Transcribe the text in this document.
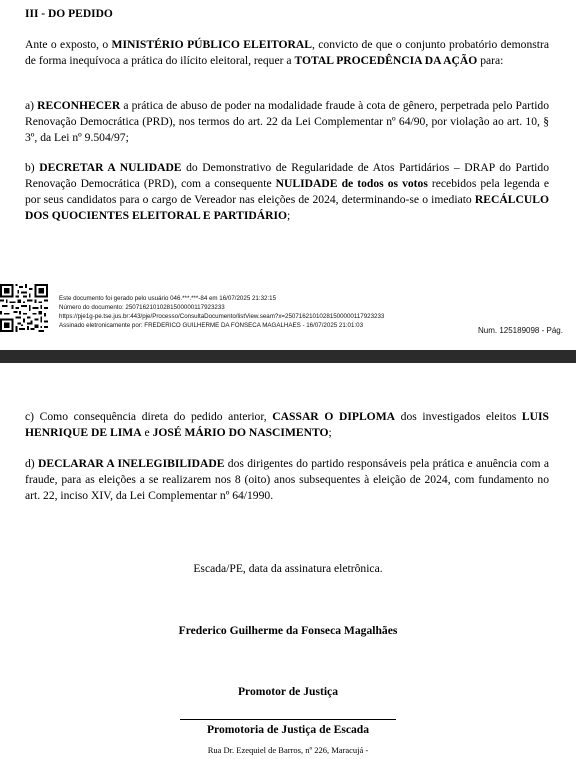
III - DO PEDIDO

Ante o exposto, o MINISTÉRIO PÚBLICO ELEITORAL, convicto de que o conjunto probatório demonstra de forma inequívoca a prática do ilícito eleitoral, requer a TOTAL PROCEDÊNCIA DA AÇÃO para:

a) RECONHECER a prática de abuso de poder na modalidade fraude à cota de gênero, perpetrada pelo Partido Renovação Democrática (PRD), nos termos do art. 22 da Lei Complementar nº 64/90, por violação ao art. 10, § 3º, da Lei nº 9.504/97;

b) DECRETAR A NULIDADE do Demonstrativo de Regularidade de Atos Partidários – DRAP do Partido Renovação Democrática (PRD), com a consequente NULIDADE de todos os votos recebidos pela legenda e por seus candidatos para o cargo de Vereador nas eleições de 2024, determinando-se o imediato RECÁLCULO DOS QUOCIENTES ELEITORAL E PARTIDÁRIO;

Este documento foi gerado pelo usuário 046.***.***-84 em 16/07/2025 21:32:15
Número do documento: 25071621010281500000117923233
https://pje1g-pe.tse.jus.br:443/pje/Processo/ConsultaDocumento/listView.seam?x=25071621010281500000117923233
Assinado eletronicamente por: FREDERICO GUILHERME DA FONSECA MAGALHAES - 16/07/2025 21:01:03
Num. 125189098 - Pág.

c) Como consequência direta do pedido anterior, CASSAR O DIPLOMA dos investigados eleitos LUIS HENRIQUE DE LIMA e JOSÉ MÁRIO DO NASCIMENTO;

d) DECLARAR A INELEGIBILIDADE dos dirigentes do partido responsáveis pela prática e anuência com a fraude, para as eleições a se realizarem nos 8 (oito) anos subsequentes à eleição de 2024, com fundamento no art. 22, inciso XIV, da Lei Complementar nº 64/1990.

Escada/PE, data da assinatura eletrônica.
Frederico Guilherme da Fonseca Magalhães
Promotor de Justiça
Promotoria de Justiça de Escada
Rua Dr. Ezequiel de Barros, nº 226, Maracujá -
